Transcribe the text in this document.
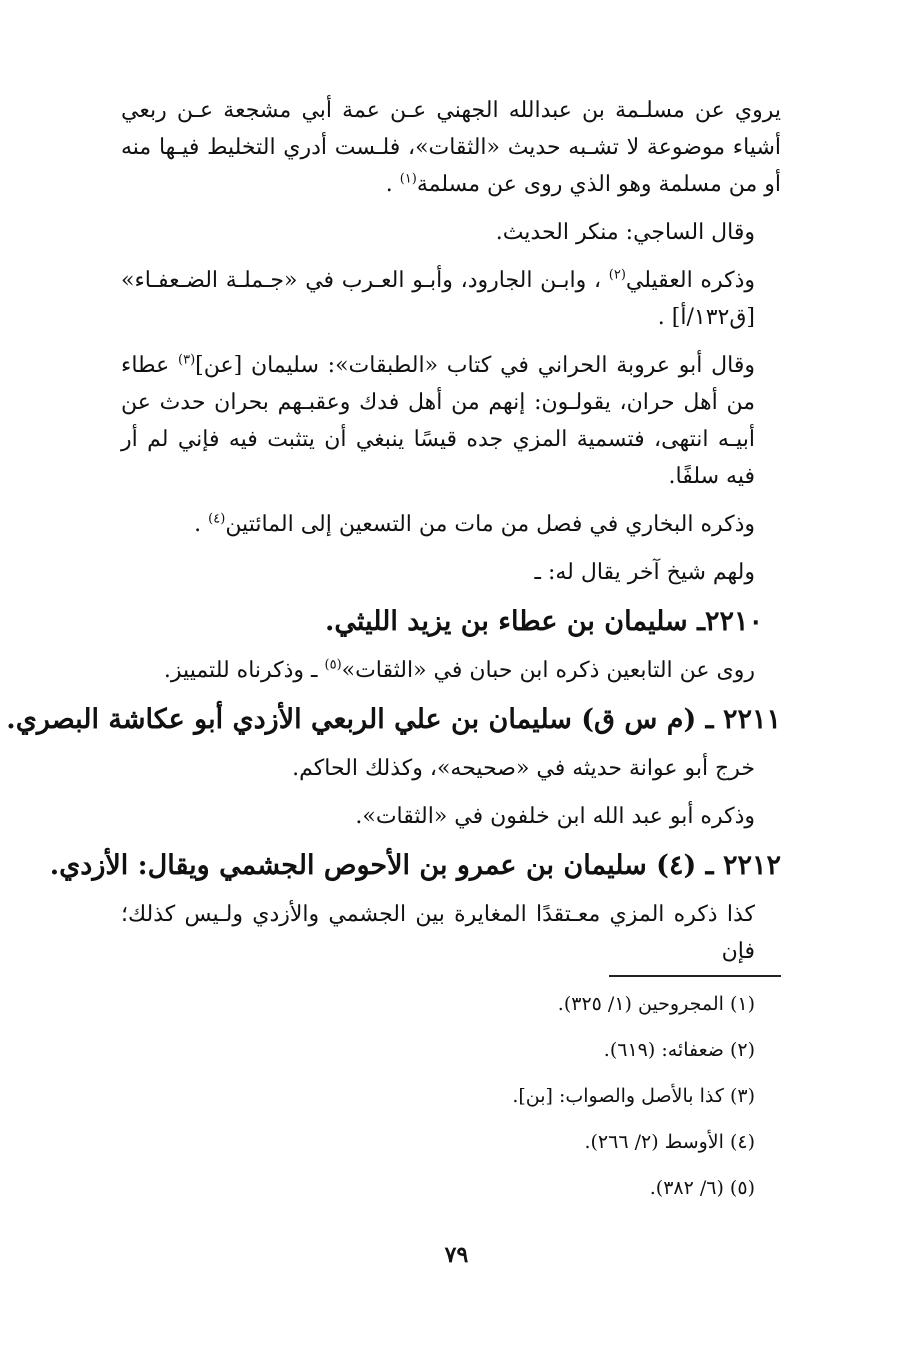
يروي عن مسلـمة بن عبدالله الجهني عـن عمة أبي مشجعة عـن ربعي أشياء موضوعة لا تشـبه حديث «الثقات»، فلـست أدري التخليط فيـها منه أو من مسلمة وهو الذي روى عن مسلمة$^{(١)}$ .

وقال الساجي: منكر الحديث.

وذكره العقيلي$^{(٢)}$ ، وابـن الجارود، وأبـو العـرب في «جـملـة الضـعفـاء» [ق١٣٢/أ] .

وقال أبو عروبة الحراني في كتاب «الطبقات»: سليمان [عن]$^{(٣)}$ عطاء من أهل حران، يقولـون: إنهم من أهل فدك وعقبـهم بحران حدث عن أبيـه انتهى، فتسمية المزي جده قيسًا ينبغي أن يتثبت فيه فإني لم أر فيه سلفًا.

وذكره البخاري في فصل من مات من التسعين إلى المائتين$^{(٤)}$ .

ولهم شيخ آخر يقال له: ـ

٢٢١٠ـ سليمان بن عطاء بن يزيد الليثي.

روى عن التابعين ذكره ابن حبان في «الثقات»$^{(٥)}$ ـ وذكرناه للتمييز.

٢٢١١ ـ (م س ق) سليمان بن علي الربعي الأزدي أبو عكاشة البصري.

خرج أبو عوانة حديثه في «صحيحه»، وكذلك الحاكم.

وذكره أبو عبد الله ابن خلفون في «الثقات».

٢٢١٢ ـ (٤) سليمان بن عمرو بن الأحوص الجشمي ويقال: الأزدي.

كذا ذكره المزي معـتقدًا المغايرة بين الجشمي والأزدي ولـيس كذلك؛ فإن

(١) المجروحين (١/ ٣٢٥).

(٢) ضعفائه: (٦١٩).

(٣) كذا بالأصل والصواب: [بن].

(٤) الأوسط (٢/ ٢٦٦).

(٥) (٦/ ٣٨٢).

٧٩
